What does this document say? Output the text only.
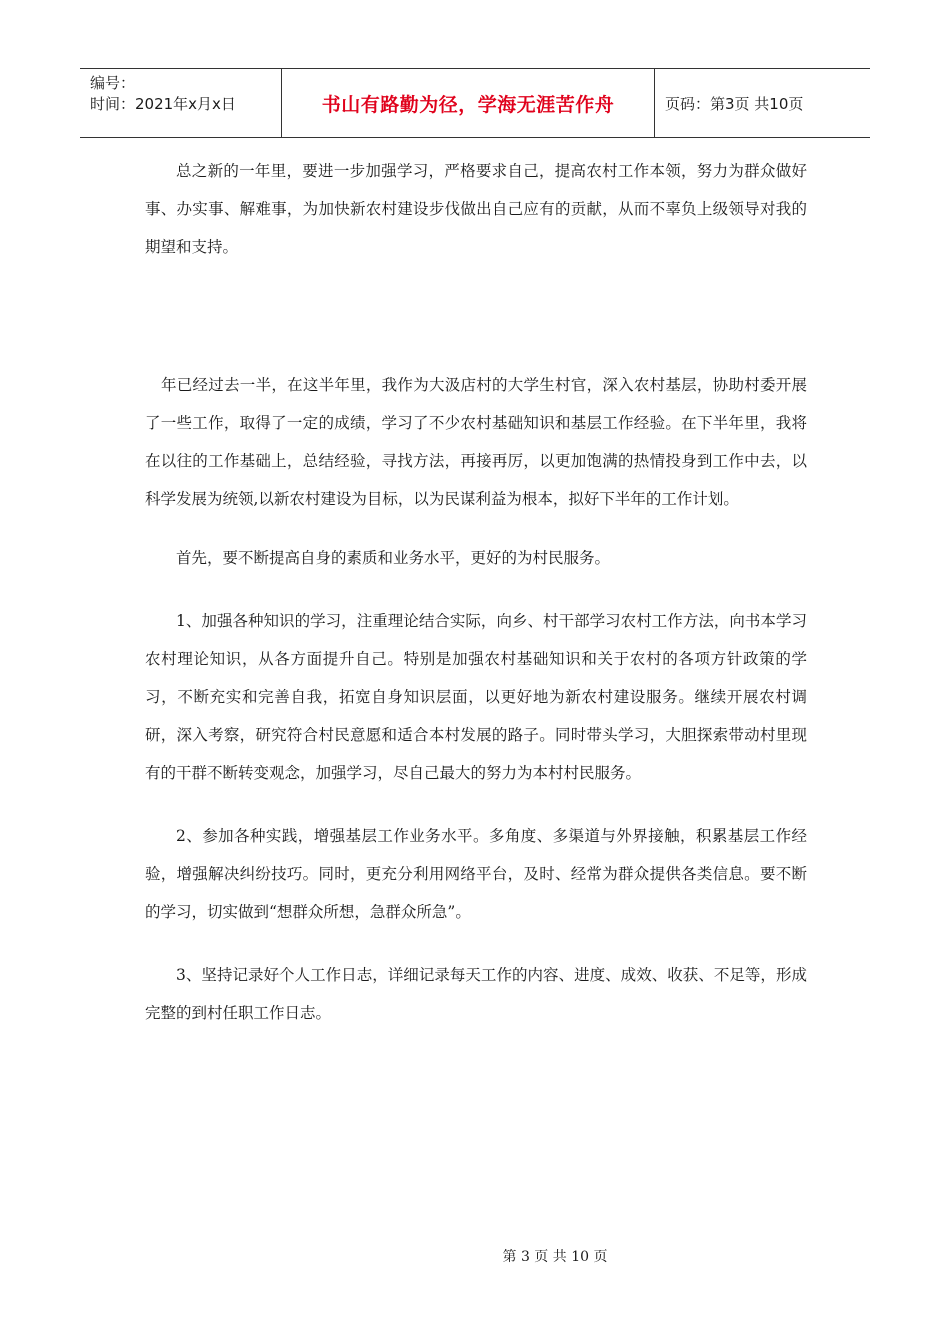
编号：
时间：2021年x月x日	书山有路勤为径，学海无涯苦作舟	页码：第3页 共10页

总之新的一年里，要进一步加强学习，严格要求自己，提高农村工作本领，努力为群众做好事、办实事、解难事，为加快新农村建设步伐做出自己应有的贡献，从而不辜负上级领导对我的期望和支持。

年已经过去一半，在这半年里，我作为大汲店村的大学生村官，深入农村基层，协助村委开展了一些工作，取得了一定的成绩，学习了不少农村基础知识和基层工作经验。在下半年里，我将在以往的工作基础上，总结经验，寻找方法，再接再厉，以更加饱满的热情投身到工作中去，以科学发展为统领,以新农村建设为目标，以为民谋利益为根本，拟好下半年的工作计划。

首先，要不断提高自身的素质和业务水平，更好的为村民服务。

1、加强各种知识的学习，注重理论结合实际，向乡、村干部学习农村工作方法，向书本学习农村理论知识，从各方面提升自己。特别是加强农村基础知识和关于农村的各项方针政策的学习，不断充实和完善自我，拓宽自身知识层面，以更好地为新农村建设服务。继续开展农村调研，深入考察，研究符合村民意愿和适合本村发展的路子。同时带头学习，大胆探索带动村里现有的干群不断转变观念，加强学习，尽自己最大的努力为本村村民服务。

2、参加各种实践，增强基层工作业务水平。多角度、多渠道与外界接触，积累基层工作经验，增强解决纠纷技巧。同时，更充分利用网络平台，及时、经常为群众提供各类信息。要不断的学习，切实做到“想群众所想，急群众所急”。

3、坚持记录好个人工作日志，详细记录每天工作的内容、进度、成效、收获、不足等，形成完整的到村任职工作日志。

第 3 页 共 10 页
